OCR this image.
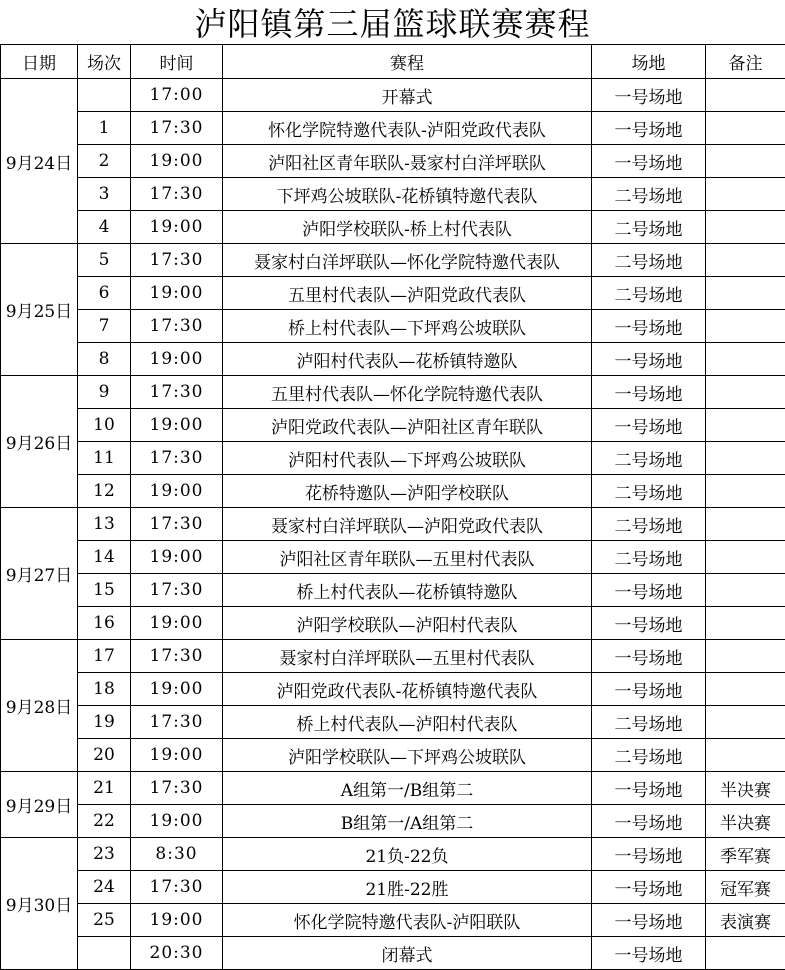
泸阳镇第三届篮球联赛赛程
日期	场次	时间	赛程	场地	备注
9月24日		17:00	开幕式	一号场地	
	1	17:30	怀化学院特邀代表队-泸阳党政代表队	一号场地	
	2	19:00	泸阳社区青年联队-聂家村白洋坪联队	一号场地	
	3	17:30	下坪鸡公坡联队-花桥镇特邀代表队	二号场地	
	4	19:00	泸阳学校联队-桥上村代表队	二号场地	
9月25日	5	17:30	聂家村白洋坪联队—怀化学院特邀代表队	二号场地	
	6	19:00	五里村代表队—泸阳党政代表队	二号场地	
	7	17:30	桥上村代表队—下坪鸡公坡联队	一号场地	
	8	19:00	泸阳村代表队—花桥镇特邀队	一号场地	
9月26日	9	17:30	五里村代表队—怀化学院特邀代表队	一号场地	
	10	19:00	泸阳党政代表队—泸阳社区青年联队	一号场地	
	11	17:30	泸阳村代表队—下坪鸡公坡联队	二号场地	
	12	19:00	花桥特邀队—泸阳学校联队	二号场地	
9月27日	13	17:30	聂家村白洋坪联队—泸阳党政代表队	二号场地	
	14	19:00	泸阳社区青年联队—五里村代表队	二号场地	
	15	17:30	桥上村代表队—花桥镇特邀队	一号场地	
	16	19:00	泸阳学校联队—泸阳村代表队	一号场地	
9月28日	17	17:30	聂家村白洋坪联队—五里村代表队	一号场地	
	18	19:00	泸阳党政代表队-花桥镇特邀代表队	一号场地	
	19	17:30	桥上村代表队—泸阳村代表队	二号场地	
	20	19:00	泸阳学校联队—下坪鸡公坡联队	二号场地	
9月29日	21	17:30	A组第一/B组第二	一号场地	半决赛
	22	19:00	B组第一/A组第二	一号场地	半决赛
9月30日	23	8:30	21负-22负	一号场地	季军赛
	24	17:30	21胜-22胜	一号场地	冠军赛
	25	19:00	怀化学院特邀代表队-泸阳联队	一号场地	表演赛
		20:30	闭幕式	一号场地	
